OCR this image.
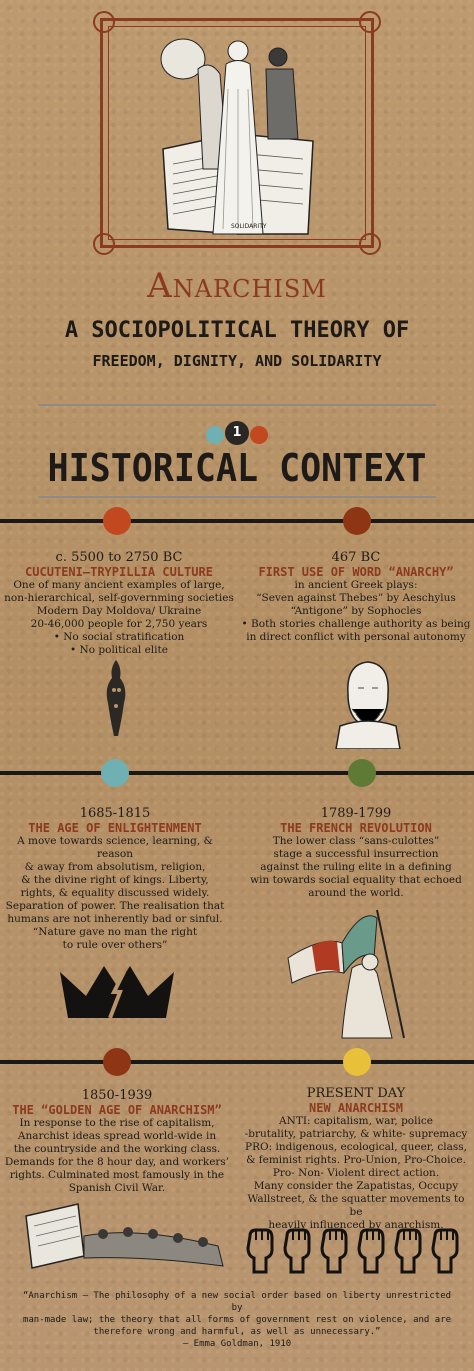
SOLIDARITY
Anarchism
A SOCIOPOLITICAL THEORY OF
FREEDOM, DIGNITY, AND SOLIDARITY
1
HISTORICAL CONTEXT
c. 5500 to 2750 BC
CUCUTENI–TRYPILLIA CULTURE
One of many ancient examples of large,
non-hierarchical, self-governming societies
Modern Day Moldova/ Ukraine
20-46,000 people for 2,750 years
• No social stratification
• No political elite
467 BC
FIRST USE OF WORD “ANARCHY”
in ancient Greek plays:
“Seven against Thebes” by Aeschylus
“Antigone” by Sophocles
• Both stories challenge authority as being
in direct conflict with personal autonomy
1685-1815
THE AGE OF ENLIGHTENMENT
A move towards science, learning, & reason
& away from absolutism, religion,
& the divine right of kings. Liberty,
rights, & equality discussed widely.
Separation of power. The realisation that
humans are not inherently bad or sinful.
“Nature gave no man the right
to rule over others”
1789-1799
THE FRENCH REVOLUTION
The lower class “sans-culottes”
stage a successful insurrection
against the ruling elite in a defining
win towards social equality that echoed
around the world.
1850-1939
THE “GOLDEN AGE OF ANARCHISM”
In response to the rise of capitalism,
Anarchist ideas spread world-wide in
the countryside and the working class.
Demands for the 8 hour day, and workers’
rights. Culminated most famously in the
Spanish Civil War.
PRESENT DAY
NEW ANARCHISM
ANTI: capitalism, war, police
-brutality, patriarchy, & white- supremacy
PRO: indigenous, ecological, queer, class,
& feminist rights. Pro-Union, Pro-Choice.
Pro- Non- Violent direct action.
Many consider the Zapatistas, Occupy
Wallstreet, & the squatter movements to be
heavily influenced by anarchism.
“Anarchism – The philosophy of a new social order based on liberty unrestricted by
man-made law; the theory that all forms of government rest on violence, and are
therefore wrong and harmful, as well as unnecessary.”
– Emma Goldman, 1910
